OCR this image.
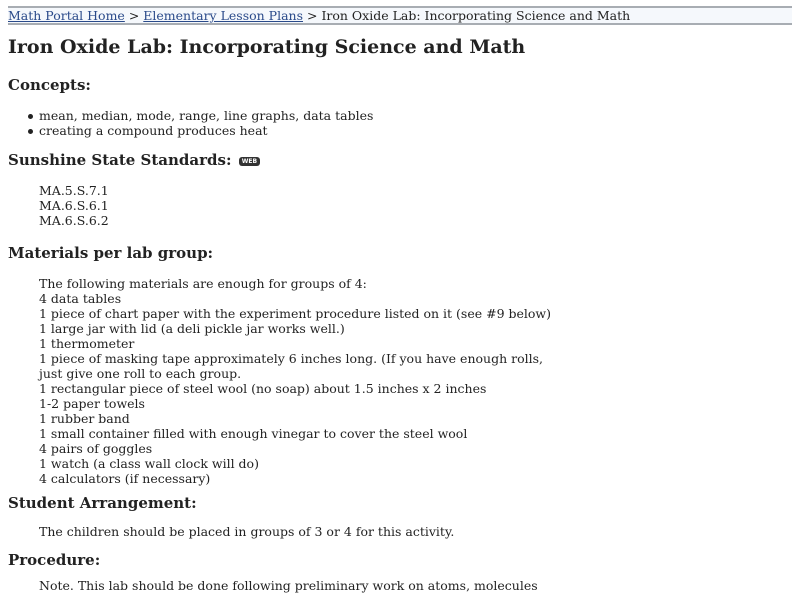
Math Portal Home > Elementary Lesson Plans > Iron Oxide Lab: Incorporating Science and Math
Iron Oxide Lab: Incorporating Science and Math
Concepts:
mean, median, mode, range, line graphs, data tables
creating a compound produces heat
Sunshine State Standards: WEB
MA.5.S.7.1
MA.6.S.6.1
MA.6.S.6.2
Materials per lab group:
The following materials are enough for groups of 4:
4 data tables
1 piece of chart paper with the experiment procedure listed on it (see #9 below)
1 large jar with lid (a deli pickle jar works well.)
1 thermometer
1 piece of masking tape approximately 6 inches long. (If you have enough rolls,
just give one roll to each group.
1 rectangular piece of steel wool (no soap) about 1.5 inches x 2 inches
1-2 paper towels
1 rubber band
1 small container filled with enough vinegar to cover the steel wool
4 pairs of goggles
1 watch (a class wall clock will do)
4 calculators (if necessary)
Student Arrangement:
The children should be placed in groups of 3 or 4 for this activity.
Procedure:
Note. This lab should be done following preliminary work on atoms, molecules
